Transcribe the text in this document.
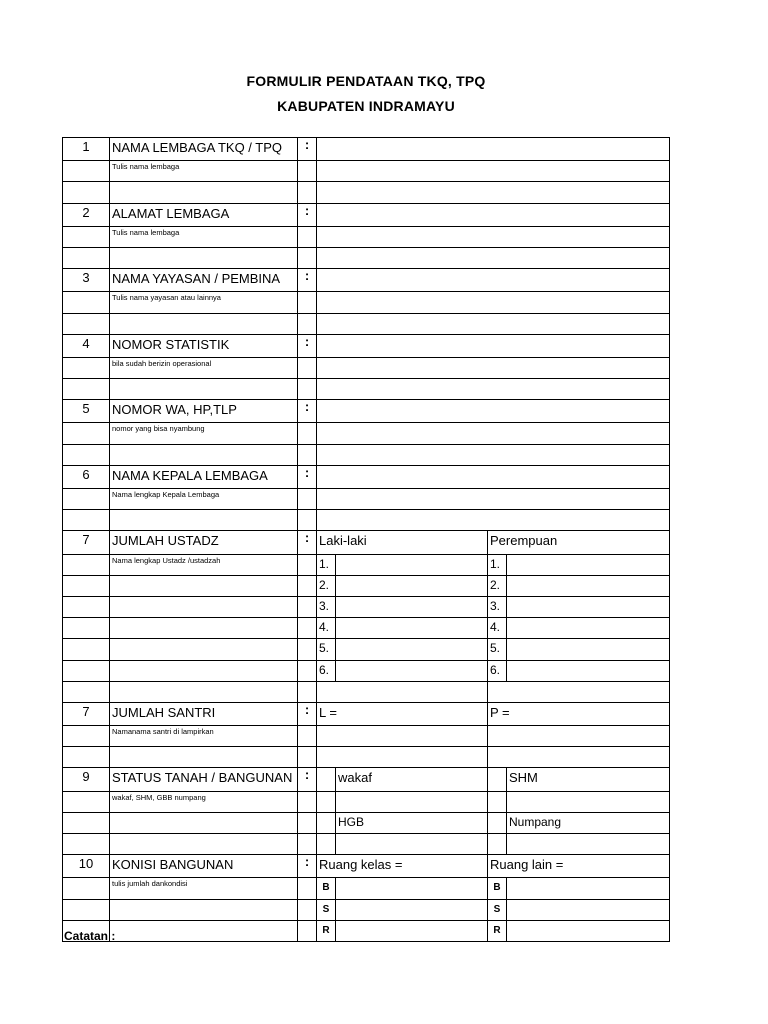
FORMULIR PENDATAAN TKQ, TPQ
KABUPATEN INDRAMAYU
1	NAMA LEMBAGA TKQ / TPQ	:				

	Tulis nama lembaga					

2	ALAMAT LEMBAGA	:				

	Tulis nama lembaga					

3	NAMA YAYASAN / PEMBINA	:				

	Tulis nama yayasan atau lainnya					

4	NOMOR STATISTIK	:				

	bila sudah berizin operasional					

5	NOMOR WA, HP,TLP	:				

	nomor yang bisa nyambung					

6	NAMA KEPALA LEMBAGA	:				

	Nama lengkap Kepala Lembaga					

7	JUMLAH USTADZ	:	Laki-laki		Perempuan	

	Nama lengkap Ustadz /ustadzah		1.		1.	

			2.		2.	

			3.		3.	

			4.		4.	

			5.		5.	

			6.		6.	

7	JUMLAH SANTRI	:	L =		P =	

	Namanama santri di lampirkan					

9	STATUS TANAH / BANGUNAN	:		wakaf		SHM

	wakaf, SHM, GBB numpang					

				HGB		Numpang

10	KONISI BANGUNAN	:	Ruang kelas =		Ruang lain =	

	tulis jumlah dankondisi		B		B	

			S		S	

			R		R	

Catatan :
